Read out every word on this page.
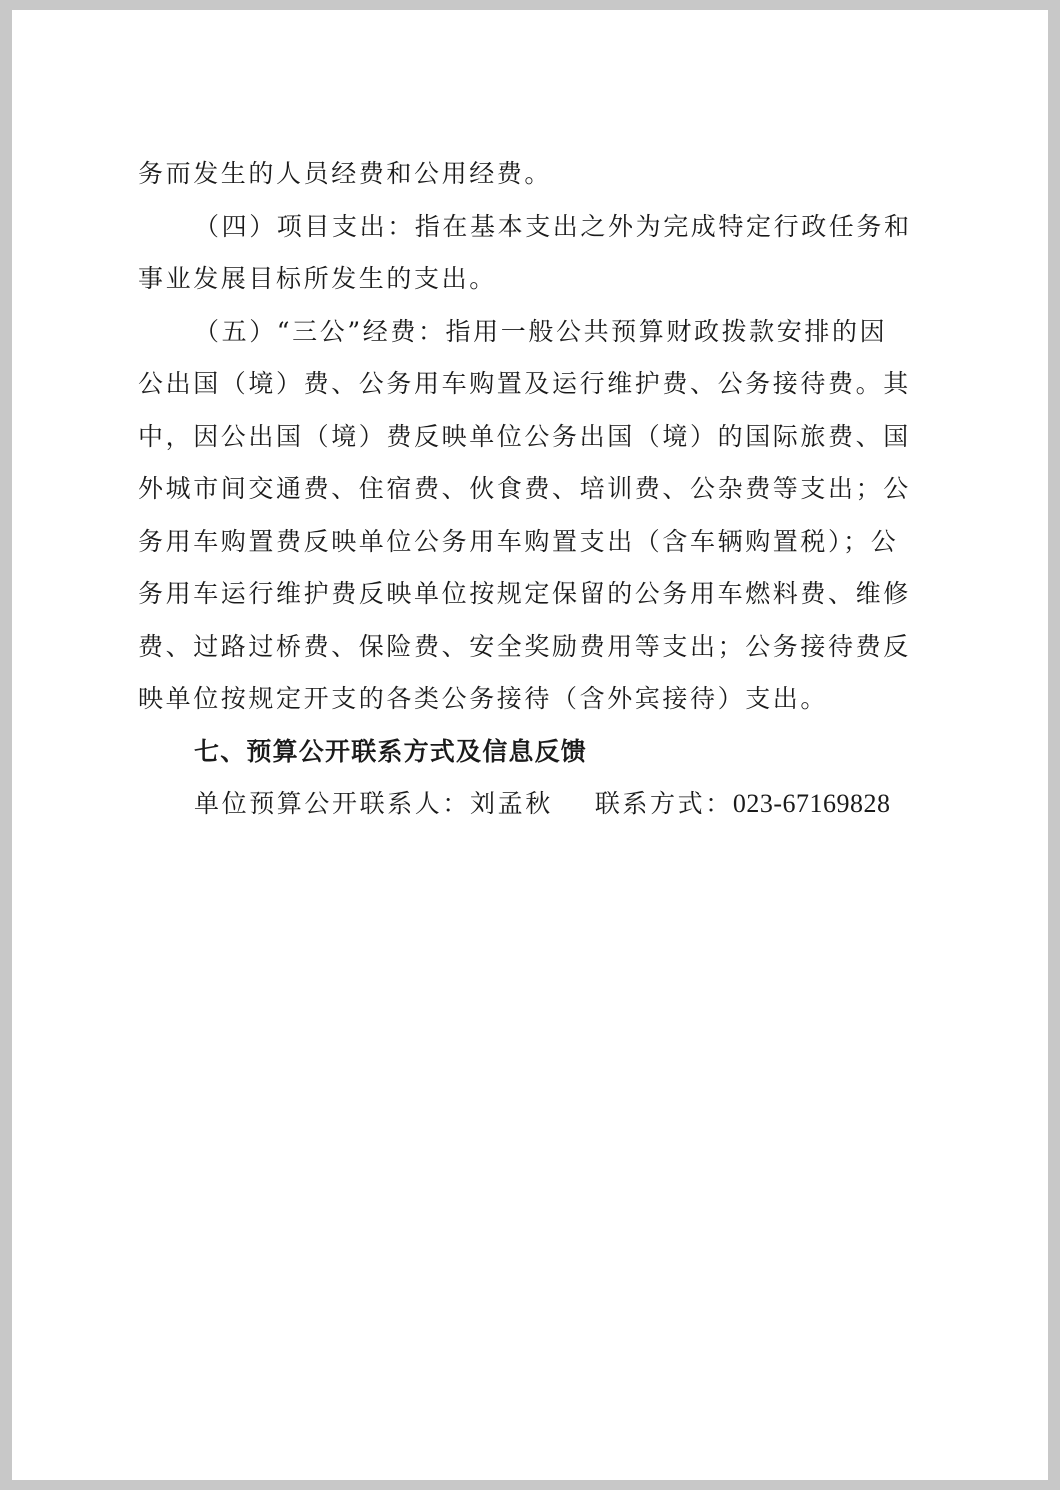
务而发生的人员经费和公用经费。
（四）项目支出：指在基本支出之外为完成特定行政任务和
事业发展目标所发生的支出。
（五）“三公”经费：指用一般公共预算财政拨款安排的因
公出国（境）费、公务用车购置及运行维护费、公务接待费。其
中，因公出国（境）费反映单位公务出国（境）的国际旅费、国
外城市间交通费、住宿费、伙食费、培训费、公杂费等支出；公
务用车购置费反映单位公务用车购置支出（含车辆购置税）；公
务用车运行维护费反映单位按规定保留的公务用车燃料费、维修
费、过路过桥费、保险费、安全奖励费用等支出；公务接待费反
映单位按规定开支的各类公务接待（含外宾接待）支出。
七、预算公开联系方式及信息反馈
单位预算公开联系人：刘孟秋 联系方式：023-67169828
